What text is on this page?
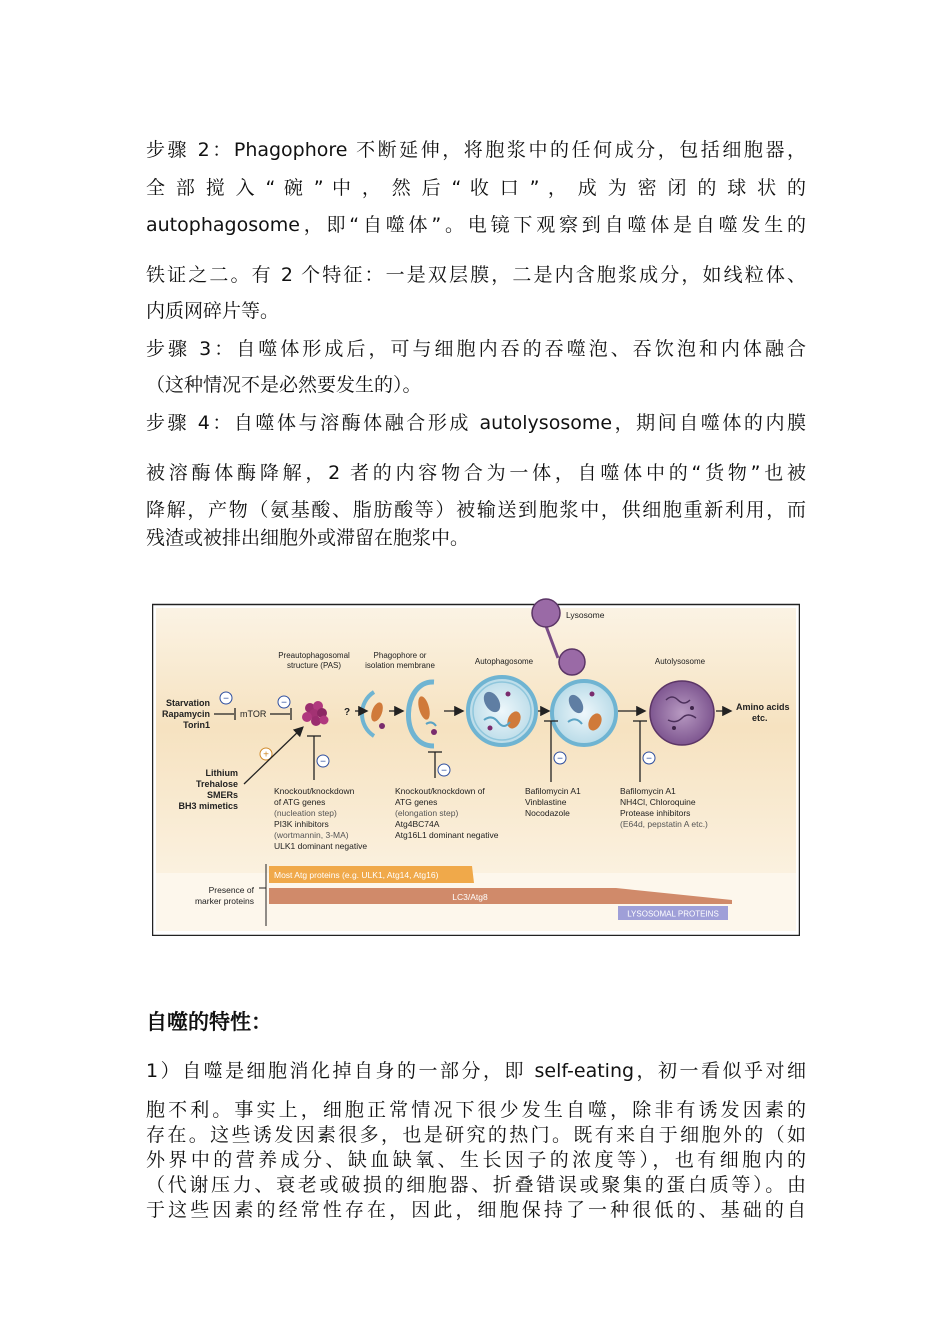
步骤 2：Phagophore 不断延伸，将胞浆中的任何成分，包括细胞器，
全 部 搅 入 “ 碗 ” 中 ， 然 后 “ 收 口 ” ， 成 为 密 闭 的 球 状 的
autophagosome，即“自噬体”。电镜下观察到自噬体是自噬发生的
铁证之二。有 2 个特征：一是双层膜，二是内含胞浆成分，如线粒体、
内质网碎片等。
步骤 3：自噬体形成后，可与细胞内吞的吞噬泡、吞饮泡和内体融合
（这种情况不是必然要发生的）。
步骤 4：自噬体与溶酶体融合形成 autolysosome，期间自噬体的内膜
被溶酶体酶降解，2 者的内容物合为一体，自噬体中的“货物”也被
降解，产物（氨基酸、脂肪酸等）被输送到胞浆中，供细胞重新利用，而
残渣或被排出细胞外或滞留在胞浆中。
Lysosome
Preautophagosomal
structure (PAS)
Phagophore or
isolation membrane	Autophagosome	Autolysosome
Starvation
Rapamycin
Torin1
−
mTOR
−
?	Amino acids
etc.
+
Lithium
Trehalose
SMERs
BH3 mimetics
−
−
−	−
Knockout/knockdown
of ATG genes
(nucleation step)
PI3K inhibitors
(wortmannin, 3-MA)
ULK1 dominant negative
Knockout/knockdown of
ATG genes
(elongation step)
Atg4BC74A
Atg16L1 dominant negative
Bafilomycin A1
Vinblastine
Nocodazole
Bafilomycin A1
NH4Cl, Chloroquine
Protease inhibitors
(E64d, pepstatin A etc.)
Presence of
marker proteins
Most Atg proteins (e.g. ULK1, Atg14, Atg16)
LC3/Atg8
LYSOSOMAL PROTEINS
自噬的特性：
1）自噬是细胞消化掉自身的一部分，即 self-eating，初一看似乎对细
胞不利。事实上，细胞正常情况下很少发生自噬，除非有诱发因素的
存在。这些诱发因素很多，也是研究的热门。既有来自于细胞外的（如
外界中的营养成分、缺血缺氧、生长因子的浓度等），也有细胞内的
（代谢压力、衰老或破损的细胞器、折叠错误或聚集的蛋白质等）。由
于这些因素的经常性存在，因此，细胞保持了一种很低的、基础的自
